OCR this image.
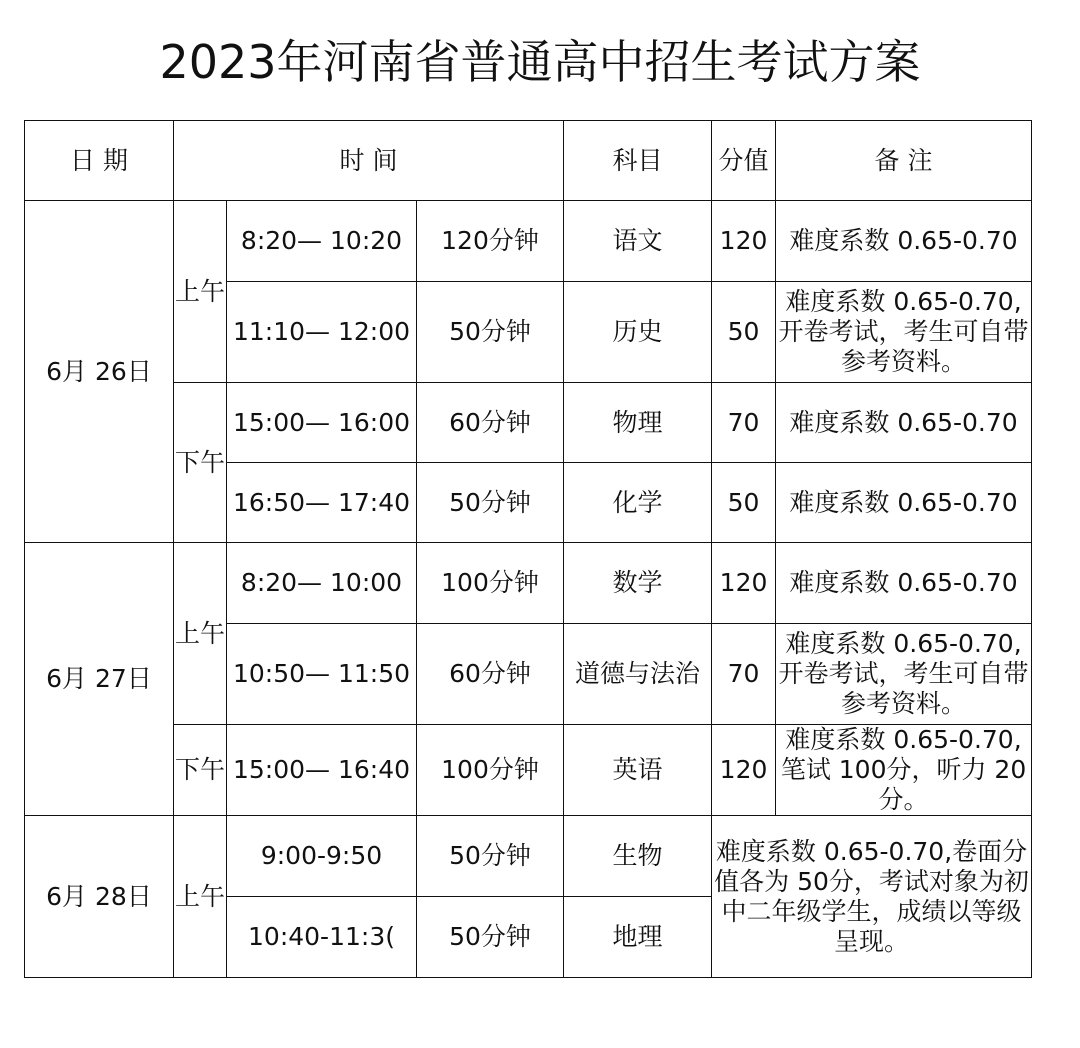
2023年河南省普通高中招生考试方案
日 期	时 间			科目	分值	备 注
6月 26日	上午	8:20— 10:20	120分钟	语文	120	难度系数 0.65-0.70
		11:10— 12:00	50分钟	历史	50	难度系数 0.65-0.70,开卷考试，考生可自带参考资料。
	下午	15:00— 16:00	60分钟	物理	70	难度系数 0.65-0.70
		16:50— 17:40	50分钟	化学	50	难度系数 0.65-0.70
6月 27日	上午	8:20— 10:00	100分钟	数学	120	难度系数 0.65-0.70
		10:50— 11:50	60分钟	道德与法治	70	难度系数 0.65-0.70,开卷考试，考生可自带参考资料。
	下午	15:00— 16:40	100分钟	英语	120	难度系数 0.65-0.70,笔试 100分，听力 20分。
6月 28日	上午	9:00-9:50	50分钟	生物	难度系数 0.65-0.70,卷面分值各为 50分，考试对象为初中二年级学生，成绩以等级呈现。	
		10:40-11:3(	50分钟	地理		
